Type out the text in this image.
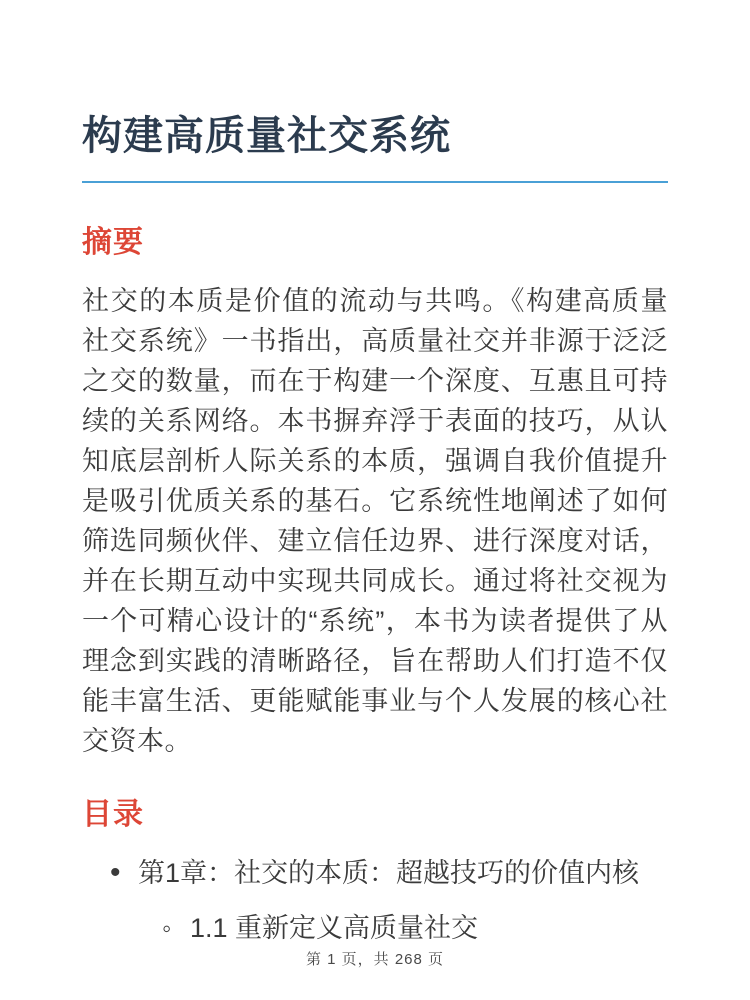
构建高质量社交系统
摘要

社交的本质是价值的流动与共鸣。《构建高质量社交系统》一书指出，高质量社交并非源于泛泛之交的数量，而在于构建一个深度、互惠且可持续的关系网络。本书摒弃浮于表面的技巧，从认知底层剖析人际关系的本质，强调自我价值提升是吸引优质关系的基石。它系统性地阐述了如何筛选同频伙伴、建立信任边界、进行深度对话，并在长期互动中实现共同成长。通过将社交视为一个可精心设计的“系统”，本书为读者提供了从理念到实践的清晰路径，旨在帮助人们打造不仅能丰富生活、更能赋能事业与个人发展的核心社交资本。

目录
•第1章：社交的本质：超越技巧的价值内核
◦1.1 重新定义高质量社交
第 1 页，共 268 页
